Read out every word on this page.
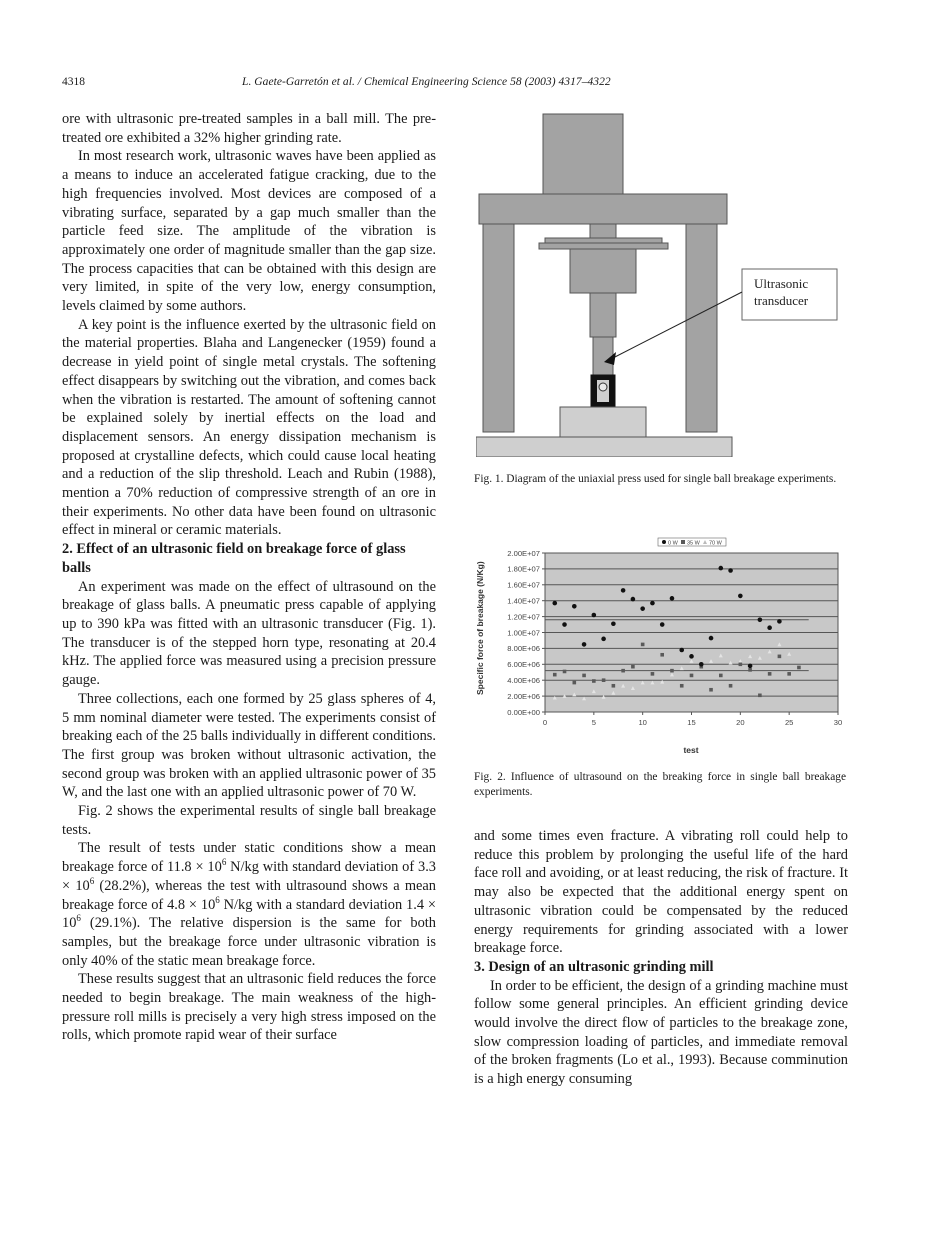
4318	L. Gaete-Garretón et al. / Chemical Engineering Science 58 (2003) 4317–4322

ore with ultrasonic pre-treated samples in a ball mill. The pre-treated ore exhibited a 32% higher grinding rate.

In most research work, ultrasonic waves have been applied as a means to induce an accelerated fatigue cracking, due to the high frequencies involved. Most devices are composed of a vibrating surface, separated by a gap much smaller than the particle feed size. The amplitude of the vibration is approximately one order of magnitude smaller than the gap size. The process capacities that can be obtained with this design are very limited, in spite of the very low, energy consumption, levels claimed by some authors.

A key point is the influence exerted by the ultrasonic field on the material properties. Blaha and Langenecker (1959) found a decrease in yield point of single metal crystals. The softening effect disappears by switching out the vibration, and comes back when the vibration is restarted. The amount of softening cannot be explained solely by inertial effects on the load and displacement sensors. An energy dissipation mechanism is proposed at crystalline defects, which could cause local heating and a reduction of the slip threshold. Leach and Rubin (1988), mention a 70% reduction of compressive strength of an ore in their experiments. No other data have been found on ultrasonic effect in mineral or ceramic materials.

2. Effect of an ultrasonic field on breakage force of glass balls

An experiment was made on the effect of ultrasound on the breakage of glass balls. A pneumatic press capable of applying up to 390 kPa was fitted with an ultrasonic transducer (Fig. 1). The transducer is of the stepped horn type, resonating at 20.4 kHz. The applied force was measured using a precision pressure gauge.

Three collections, each one formed by 25 glass spheres of 4, 5 mm nominal diameter were tested. The experiments consist of breaking each of the 25 balls individually in different conditions. The first group was broken without ultrasonic activation, the second group was broken with an applied ultrasonic power of 35 W, and the last one with an applied ultrasonic power of 70 W.

Fig. 2 shows the experimental results of single ball breakage tests.

The result of tests under static conditions show a mean breakage force of $11.8 \times 10^6$ N/kg with standard deviation of $3.3 \times 10^6$ (28.2%), whereas the test with ultrasound shows a mean breakage force of $4.8 \times 10^6$ N/kg with a standard deviation $1.4 \times 10^6$ (29.1%). The relative dispersion is the same for both samples, but the breakage force under ultrasonic vibration is only 40% of the static mean breakage force.

These results suggest that an ultrasonic field reduces the force needed to begin breakage. The main weakness of the high-pressure roll mills is precisely a very high stress imposed on the rolls, which promote rapid wear of their surface

Ultrasonic
transducer
Fig. 1. Diagram of the uniaxial press used for single ball breakage experiments.
0.00E+00
2.00E+06
4.00E+06
6.00E+06
8.00E+06
1.00E+07
1.20E+07
1.40E+07
1.60E+07
1.80E+07
2.00E+07
0	5	10	15	20	25	30
0 W 35 W 70 W
Specific force of breakage (N/Kg)
test
Fig. 2. Influence of ultrasound on the breaking force in single ball breakage experiments.

and some times even fracture. A vibrating roll could help to reduce this problem by prolonging the useful life of the hard face roll and avoiding, or at least reducing, the risk of fracture. It may also be expected that the additional energy spent on ultrasonic vibration could be compensated by the reduced energy requirements for grinding associated with a lower breakage force.

3. Design of an ultrasonic grinding mill

In order to be efficient, the design of a grinding machine must follow some general principles. An efficient grinding device would involve the direct flow of particles to the breakage zone, slow compression loading of particles, and immediate removal of the broken fragments (Lo et al., 1993). Because comminution is a high energy consuming
